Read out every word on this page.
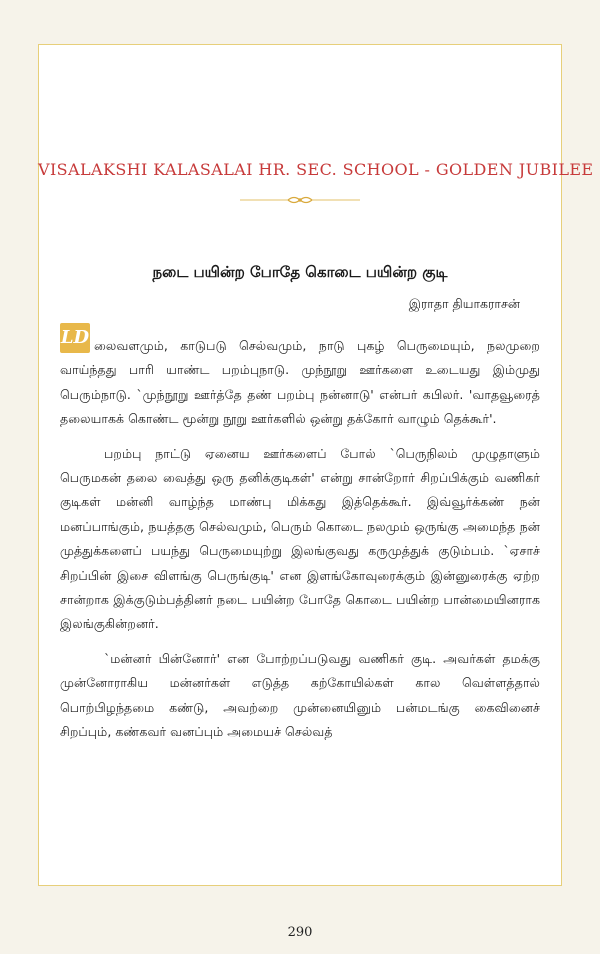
VISALAKSHI KALASALAI HR. SEC. SCHOOL - GOLDEN JUBILEE
நடை பயின்ற போதே கொடை பயின்ற குடி
இராதா தியாகராசன்
LD லைவளமும், காடுபடு செல்வமும், நாடு புகழ் பெருமையும், நலமுறை வாய்ந்தது பாரி யாண்ட பறம்புநாடு. முந்நூறு ஊர்களை உடையது இம்முது பெரும்நாடு. `முந்நூறு ஊர்த்தே தண் பறம்பு நன்னாடு' என்பர் கபிலர். 'வாதவூரைத் தலையாகக் கொண்ட மூன்று நூறு ஊர்களில் ஒன்று தக்கோர் வாழும் தெக்கூர்'.

பறம்பு நாட்டு ஏனைய ஊர்களைப் போல் `பெருநிலம் முழுதாளும் பெருமகன் தலை வைத்து ஒரு தனிக்குடிகள்' என்று சான்றோர் சிறப்பிக்கும் வணிகர் குடிகள் மன்னி வாழ்ந்த மாண்பு மிக்கது இத்தெக்கூர். இவ்வூர்க்கண் நன் மனப்பாங்கும், நயத்தகு செல்வமும், பெரும் கொடை நலமும் ஒருங்கு அமைந்த நன் முத்துக்களைப் பயந்து பெருமையுற்று இலங்குவது கருமுத்துக் குடும்பம். `ஏசாச் சிறப்பின் இசை விளங்கு பெருங்குடி' என இளங்கோவுரைக்கும் இன்னுரைக்கு ஏற்ற சான்றாக இக்குடும்பத்தினர் நடை பயின்ற போதே கொடை பயின்ற பான்மையினராக இலங்குகின்றனர்.

`மன்னர் பின்னோர்' என போற்றப்படுவது வணிகர் குடி. அவர்கள் தமக்கு முன்னோராகிய மன்னர்கள் எடுத்த கற்கோயில்கள் கால வெள்ளத்தால் பொற்பிழந்தமை கண்டு, அவற்றை முன்னையினும் பன்மடங்கு கைவினைச் சிறப்பும், கண்கவர் வனப்பும் அமையச் செல்வத்

290
